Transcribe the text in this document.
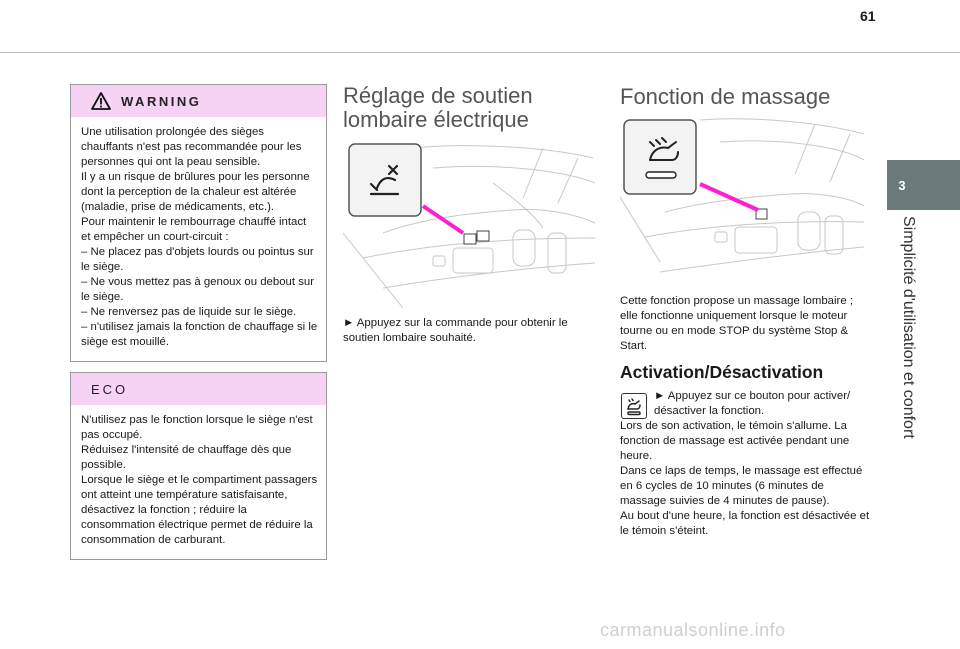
61
3
Simplicité d'utilisation et confort
WARNING

Une utilisation prolongée des sièges chauffants n'est pas recommandée pour les personnes qui ont la peau sensible.

Il y a un risque de brûlures pour les personne dont la perception de la chaleur est altérée (maladie, prise de médicaments, etc.).

Pour maintenir le rembourrage chauffé intact et empêcher un court-circuit :

– Ne placez pas d'objets lourds ou pointus sur le siège.

– Ne vous mettez pas à genoux ou debout sur le siège.

– Ne renversez pas de liquide sur le siège.

– n'utilisez jamais la fonction de chauffage si le siège est mouillé.

ECO

N'utilisez pas le fonction lorsque le siège n'est pas occupé.

Réduisez l'intensité de chauffage dès que possible.

Lorsque le siège et le compartiment passagers ont atteint une température satisfaisante, désactivez la fonction ; réduire la consommation électrique permet de réduire la consommation de carburant.

Réglage de soutien
lombaire électrique
► Appuyez sur la commande pour obtenir le soutien lombaire souhaité.
Fonction de massage
Cette fonction propose un massage lombaire ; elle fonctionne uniquement lorsque le moteur tourne ou en mode STOP du système Stop & Start.
Activation/Désactivation

► Appuyez sur ce bouton pour activer/

désactiver la fonction.

Lors de son activation, le témoin s'allume. La fonction de massage est activée pendant une heure.

Dans ce laps de temps, le massage est effectué en 6 cycles de 10 minutes (6 minutes de massage suivies de 4 minutes de pause).

Au bout d'une heure, la fonction est désactivée et le témoin s'éteint.

carmanualsonline.info
